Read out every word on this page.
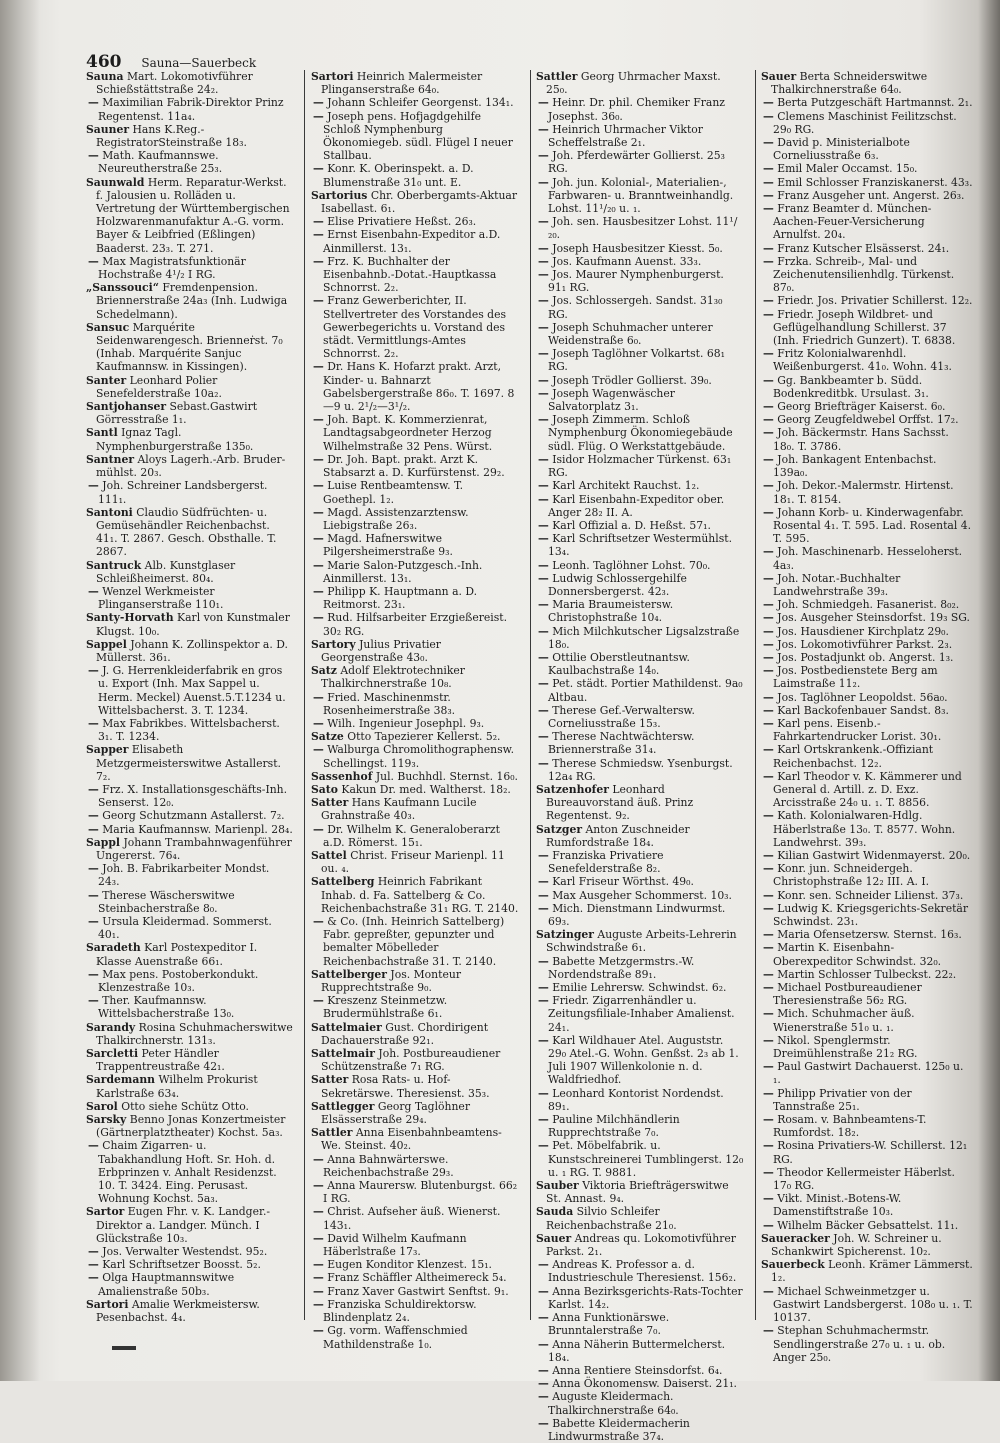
460 Sauna—Sauerbeck

Sauna Mart. Lokomotivführer Schießstättstraße 24₂.

— Maximilian Fabrik-Direktor Prinz Regentenst. 11a₄.

Sauner Hans K.Reg.-RegistratorSteinstraße 18₃.

— Math. Kaufmannswe. Neureutherstraße 25₃.

Saunwald Herm. Reparatur-Werkst. f. Jalousien u. Rolläden u. Vertretung der Württembergischen Holzwarenmanufaktur A.-G. vorm. Bayer & Leibfried (Eßlingen) Baaderst. 23₃. T. 271.

— Max Magistratsfunktionär Hochstraße 4¹/₂ I RG.

„Sanssouci“ Fremdenpension. Briennerstraße 24a₃ (Inh. Ludwiga Schedelmann).

Sansuc Marquérite Seidenwarengesch. Brienneṙst. 7₀ (Inhab. Marquérite Sanjuc Kaufmannsw. in Kissingen).

Santer Leonhard Polier Senefelderstraße 10a₂.

Santjohanser Sebast.Gastwirt Görresstraße 1₁.

Santl Ignaz Tagl. Nymphenburgerstraße 135₀.

Santner Aloys Lagerh.-Arb. Bruder-mühlst. 20₃.

— Joh. Schreiner Landsbergerst. 111₁.

Santoni Claudio Südfrüchten- u. Gemüsehändler Reichenbachst. 41₁. T. 2867. Gesch. Obsthalle. T. 2867.

Santruck Alb. Kunstglaser Schleißheimerst. 80₄.

— Wenzel Werkmeister Plinganserstraße 110₁.

Santy-Horvath Karl von Kunstmaler Klugst. 10₀.

Sappel Johann K. Zollinspektor a. D. Müllerst. 36₁.

— J. G. Herrenkleiderfabrik en gros u. Export (Inh. Max Sappel u. Herm. Meckel) Auenst.5.T.1234 u. Wittelsbacherst. 3. T. 1234.

— Max Fabrikbes. Wittelsbacherst. 3₁. T. 1234.

Sapper Elisabeth Metzgermeisterswitwe Astallerst. 7₂.

— Frz. X. Installationsgeschäfts-Inh. Senserst. 12₀.

— Georg Schutzmann Astallerst. 7₂.

— Maria Kaufmannsw. Marienpl. 28₄.

Sappl Johann Trambahnwagenführer Ungererst. 76₄.

— Joh. B. Fabrikarbeiter Mondst. 24₃.

— Therese Wäscherswitwe Steinbacherstraße 8₀.

— Ursula Kleidermad. Sommerst. 40₁.

Saradeth Karl Postexpeditor I. Klasse Auenstraße 66₁.

— Max pens. Postoberkondukt. Klenzestraße 10₃.

— Ther. Kaufmannsw. Wittelsbacherstraße 13₀.

Sarandy Rosina Schuhmacherswitwe Thalkirchnerstr. 131₃.

Sarcletti Peter Händler Trappentreustraße 42₁.

Sardemann Wilhelm Prokurist Karlstraße 63₄.

Sarol Otto siehe Schütz Otto.

Sarsky Benno Jonas Konzertmeister (Gärtnerplatztheater) Kochst. 5a₃.

— Chaim Zigarren- u. Tabakhandlung Hoft. Sr. Hoh. d. Erbprinzen v. Anhalt Residenzst. 10. T. 3424. Eing. Perusast. Wohnung Kochst. 5a₃.

Sartor Eugen Fhr. v. K. Landger.-Direktor a. Landger. Münch. I Glückstraße 10₃.

— Jos. Verwalter Westendst. 95₂.

— Karl Schriftsetzer Boosst. 5₂.

— Olga Hauptmannswitwe Amalienstraße 50b₃.

Sartori Amalie Werkmeistersw. Pesenbachst. 4₄.

Sartori Heinrich Malermeister Plinganserstraße 64₀.

— Johann Schleifer Georgenst. 134₁.

— Joseph pens. Hofjagdgehilfe Schloß Nymphenburg Ökonomiegeb. südl. Flügel I neuer Stallbau.

— Konr. K. Oberinspekt. a. D. Blumenstraße 31₀ unt. E.

Sartorius Chr. Oberbergamts-Aktuar Isabellast. 6₁.

— Elise Privatiere Heßst. 26₃.

— Ernst Eisenbahn-Expeditor a.D. Ainmillerst. 13₁.

— Frz. K. Buchhalter der Eisenbahnb.-Dotat.-Hauptkassa Schnorrst. 2₂.

— Franz Gewerberichter, II. Stellvertreter des Vorstandes des Gewerbegerichts u. Vorstand des städt. Vermittlungs-Amtes Schnorrst. 2₂.

— Dr. Hans K. Hofarzt prakt. Arzt, Kinder- u. Bahnarzt Gabelsbergerstraße 86₀. T. 1697. 8—9 u. 2¹/₂—3¹/₂.

— Joh. Bapt. K. Kommerzienrat, Landtagsabgeordneter Herzog Wilhelmstraße 32 Pens. Würst.

— Dr. Joh. Bapt. prakt. Arzt K. Stabsarzt a. D. Kurfürstenst. 29₂.

— Luise Rentbeamtensw. T. Goethepl. 1₂.

— Magd. Assistenzarztensw. Liebigstraße 26₃.

— Magd. Hafnerswitwe Pilgersheimerstraße 9₃.

— Marie Salon-Putzgesch.-Inh. Ainmillerst. 13₁.

— Philipp K. Hauptmann a. D. Reitmorst. 23₁.

— Rud. Hilfsarbeiter Erzgießereist. 30₂ RG.

Sartory Julius Privatier Georgenstraße 43₀.

Satz Adolf Elektrotechniker Thalkirchnerstraße 10₈.

— Fried. Maschinenmstr. Rosenheimerstraße 38₃.

— Wilh. Ingenieur Josephpl. 9₃.

Satze Otto Tapezierer Kellerst. 5₂.

— Walburga Chromolithographensw. Schellingst. 119₃.

Sassenhof Jul. Buchhdl. Sternst. 16₀.

Sato Kakun Dr. med. Waltherst. 18₂.

Satter Hans Kaufmann Lucile Grahnstraße 40₃.

— Dr. Wilhelm K. Generaloberarzt a.D. Römerst. 15₁.

Sattel Christ. Friseur Marienpl. 11 ou. ₄.

Sattelberg Heinrich Fabrikant Inhab. d. Fa. Sattelberg & Co. Reichenbachstraße 31₁ RG. T. 2140.

— & Co. (Inh. Heinrich Sattelberg) Fabr. gepreßter, gepunzter und bemalter Möbelleder Reichenbachstraße 31. T. 2140.

Sattelberger Jos. Monteur Rupprechtstraße 9₀.

— Kreszenz Steinmetzw. Brudermühlstraße 6₁.

Sattelmaier Gust. Chordirigent Dachauerstraße 92₁.

Sattelmair Joh. Postbureaudiener Schützenstraße 7₁ RG.

Satter Rosa Rats- u. Hof-Sekretärswe. Theresienst. 35₃.

Sattlegger Georg Taglöhner Elsässerstraße 29₄.

Sattler Anna Eisenbahnbeamtens-We. Steinst. 40₂.

— Anna Bahnwärterswe. Reichenbachstraße 29₃.

— Anna Maurersw. Blutenburgst. 66₂ I RG.

— Christ. Aufseher äuß. Wienerst. 143₁.

— David Wilhelm Kaufmann Häberlstraße 17₃.

— Eugen Konditor Klenzest. 15₁.

— Franz Schäffler Altheimereck 5₄.

— Franz Xaver Gastwirt Senftst. 9₁.

— Franziska Schuldirektorsw. Blindenplatz 2₄.

— Gg. vorm. Waffenschmied Mathildenstraße 1₀.

Sattler Georg Uhrmacher Maxst. 25₀.

— Heinr. Dr. phil. Chemiker Franz Josephst. 36₀.

— Heinrich Uhrmacher Viktor Scheffelstraße 2₁.

— Joh. Pferdewärter Gollierst. 25₃ RG.

— Joh. jun. Kolonial-, Materialien-, Farbwaren- u. Branntweinhandlg. Lohst. 11¹/₂₀ u. ₁.

— Joh. sen. Hausbesitzer Lohst. 11¹/₂₀.

— Joseph Hausbesitzer Kiesst. 5₀.

— Jos. Kaufmann Auenst. 33₃.

— Jos. Maurer Nymphenburgerst. 91₁ RG.

— Jos. Schlossergeh. Sandst. 31₃₀ RG.

— Joseph Schuhmacher unterer Weidenstraße 6₀.

— Joseph Taglöhner Volkartst. 68₁ RG.

— Joseph Trödler Gollierst. 39₀.

— Joseph Wagenwäscher Salvatorplatz 3₁.

— Joseph Zimmerm. Schloß Nymphenburg Ökonomiegebäude südl. Flüg. O Werkstattgebäude.

— Isidor Holzmacher Türkenst. 63₁ RG.

— Karl Architekt Rauchst. 1₂.

— Karl Eisenbahn-Expeditor ober. Anger 28₂ II. A.

— Karl Offizial a. D. Heßst. 57₁.

— Karl Schriftsetzer Westermühlst. 13₄.

— Leonh. Taglöhner Lohst. 70₀.

— Ludwig Schlossergehilfe Donnersbergerst. 42₃.

— Maria Braumeistersw. Christophstraße 10₄.

— Mich Milchkutscher Ligsalzstraße 18₀.

— Ottilie Oberstleutnantsw. Kaulbachstraße 14₀.

— Pet. städt. Portier Mathildenst. 9a₀ Altbau.

— Therese Gef.-Verwaltersw. Corneliusstraße 15₃.

— Therese Nachtwächtersw. Briennerstraße 31₄.

— Therese Schmiedsw. Ysenburgst. 12a₄ RG.

Satzenhofer Leonhard Bureauvorstand äuß. Prinz Regentenst. 9₂.

Satzger Anton Zuschneider Rumfordstraße 18₄.

— Franziska Privatiere Senefelderstraße 8₂.

— Karl Friseur Wörthst. 49₀.

— Max Ausgeher Schommerst. 10₃.

— Mich. Dienstmann Lindwurmst. 69₃.

Satzinger Auguste Arbeits-Lehrerin Schwindstraße 6₁.

— Babette Metzgermstrs.-W. Nordendstraße 89₁.

— Emilie Lehrersw. Schwindst. 6₂.

— Friedr. Zigarrenhändler u. Zeitungsfiliale-Inhaber Amalienst. 24₁.

— Karl Wildhauer Atel. Auguststr. 29₀ Atel.-G. Wohn. Genßst. 2₃ ab 1. Juli 1907 Willenkolonie n. d. Waldfriedhof.

— Leonhard Kontorist Nordendst. 89₁.

— Pauline Milchhändlerin Rupprechtstraße 7₀.

— Pet. Möbelfabrik. u. Kunstschreinerei Tumblingerst. 12₀ u. ₁ RG. T. 9881.

Sauber Viktoria Briefträgerswitwe St. Annast. 9₄.

Sauda Silvio Schleifer Reichenbachstraße 21₀.

Sauer Andreas qu. Lokomotivführer Parkst. 2₁.

— Andreas K. Professor a. d. Industrieschule Theresienst. 156₂.

— Anna Bezirksgerichts-Rats-Tochter Karlst. 14₂.

— Anna Funktionärswe. Brunntalerstraße 7₀.

— Anna Näherin Buttermelcherst. 18₄.

— Anna Rentiere Steinsdorfst. 6₄.

— Anna Ökonomensw. Daiserst. 21₁.

— Auguste Kleidermach. Thalkirchnerstraße 64₀.

— Babette Kleidermacherin Lindwurmstraße 37₄.

Sauer Berta Schneiderswitwe Thalkirchnerstraße 64₀.

— Berta Putzgeschäft Hartmannst. 2₁.

— Clemens Maschinist Feilitzschst. 29₀ RG.

— David p. Ministerialbote Corneliusstraße 6₃.

— Emil Maler Occamst. 15₀.

— Emil Schlosser Franziskanerst. 43₃.

— Franz Ausgeher unt. Angerst. 26₃.

— Franz Beamter d. München-Aachen-Feuer-Versicherung Arnulfst. 20₄.

— Franz Kutscher Elsässerst. 24₁.

— Frzka. Schreib-, Mal- und Zeichenutensilienhdlg. Türkenst. 87₀.

— Friedr. Jos. Privatier Schillerst. 12₂.

— Friedr. Joseph Wildbret- und Geflügelhandlung Schillerst. 37 (Inh. Friedrich Gunzert). T. 6838.

— Fritz Kolonialwarenhdl. Weißenburgerst. 41₀. Wohn. 41₃.

— Gg. Bankbeamter b. Südd. Bodenkreditbk. Ursulast. 3₁.

— Georg Briefträger Kaiserst. 6₀.

— Georg Zeugfeldwebel Orffst. 17₂.

— Joh. Bäckermstr. Hans Sachsst. 18₀. T. 3786.

— Joh. Bankagent Entenbachst. 139a₀.

— Joh. Dekor.-Malermstr. Hirtenst. 18₁. T. 8154.

— Johann Korb- u. Kinderwagenfabr. Rosental 4₁. T. 595. Lad. Rosental 4. T. 595.

— Joh. Maschinenarb. Hesseloherst. 4a₃.

— Joh. Notar.-Buchhalter Landwehrstraße 39₃.

— Joh. Schmiedgeh. Fasanerist. 8₀₂.

— Jos. Ausgeher Steinsdorfst. 19₃ SG.

— Jos. Hausdiener Kirchplatz 29₀.

— Jos. Lokomotivführer Parkst. 2₃.

— Jos. Postadjunkt ob. Angerst. 1₃.

— Jos. Postbedienstete Berg am Laimstraße 11₂.

— Jos. Taglöhner Leopoldst. 56a₀.

— Karl Backofenbauer Sandst. 8₃.

— Karl pens. Eisenb.-Fahrkartendrucker Lorist. 30₁.

— Karl Ortskrankenk.-Offiziant Reichenbachst. 12₂.

— Karl Theodor v. K. Kämmerer und General d. Artill. z. D. Exz. Arcisstraße 24₀ u. ₁. T. 8856.

— Kath. Kolonialwaren-Hdlg. Häberlstraße 13₀. T. 8577. Wohn. Landwehrst. 39₃.

— Kilian Gastwirt Widenmayerst. 20₀.

— Konr. jun. Schneidergeh. Christophstraße 12₂ III. A. I.

— Konr. sen. Schneider Lilienst. 37₃.

— Ludwig K. Kriegsgerichts-Sekretär Schwindst. 23₁.

— Maria Ofensetzersw. Sternst. 16₃.

— Martin K. Eisenbahn-Oberexpeditor Schwindst. 32₀.

— Martin Schlosser Tulbeckst. 22₂.

— Michael Postbureaudiener Theresienstraße 56₂ RG.

— Mich. Schuhmacher äuß. Wienerstraße 51₀ u. ₁.

— Nikol. Spenglermstr. Dreimühlenstraße 21₂ RG.

— Paul Gastwirt Dachauerst. 125₀ u. ₁.

— Philipp Privatier von der Tannstraße 25₁.

— Rosam. v. Bahnbeamtens-T. Rumfordst. 18₂.

— Rosina Privatiers-W. Schillerst. 12₁ RG.

— Theodor Kellermeister Häberlst. 17₀ RG.

— Vikt. Minist.-Botens-W. Damenstiftstraße 10₃.

— Wilhelm Bäcker Gebsattelst. 11₁.

Saueracker Joh. W. Schreiner u. Schankwirt Spicherenst. 10₂.

Sauerbeck Leonh. Krämer Lämmerst. 1₂.

— Michael Schweinmetzger u. Gastwirt Landsbergerst. 108₀ u. ₁. T. 10137.

— Stephan Schuhmachermstr. Sendlingerstraße 27₀ u. ₁ u. ob. Anger 25₀.
